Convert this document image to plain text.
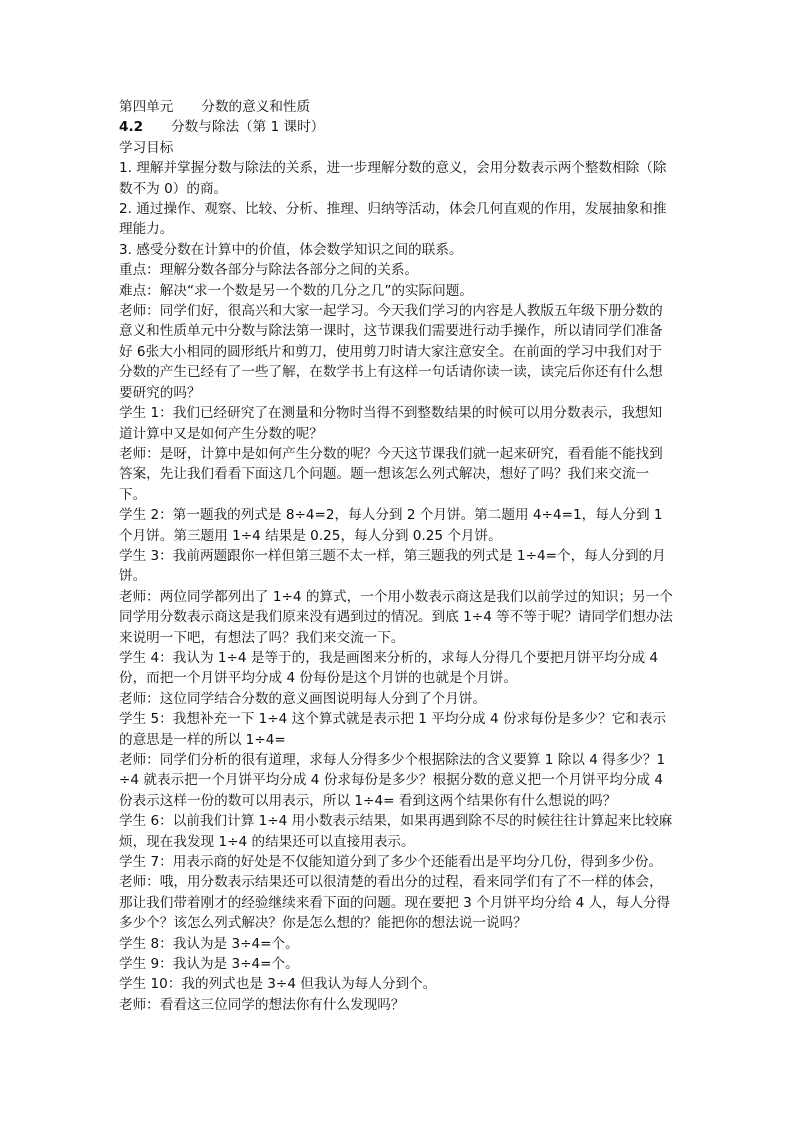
第四单元 分数的意义和性质

4.2 分数与除法（第 1 课时）

学习目标

1. 理解并掌握分数与除法的关系，进一步理解分数的意义，会用分数表示两个整数相除（除数不为 0）的商。

2. 通过操作、观察、比较、分析、推理、归纳等活动，体会几何直观的作用，发展抽象和推理能力。

3. 感受分数在计算中的价值，体会数学知识之间的联系。

重点：理解分数各部分与除法各部分之间的关系。

难点：解决“求一个数是另一个数的几分之几”的实际问题。

老师：同学们好，很高兴和大家一起学习。今天我们学习的内容是人教版五年级下册分数的意义和性质单元中分数与除法第一课时，这节课我们需要进行动手操作，所以请同学们准备好 6张大小相同的圆形纸片和剪刀，使用剪刀时请大家注意安全。在前面的学习中我们对于分数的产生已经有了一些了解，在数学书上有这样一句话请你读一读，读完后你还有什么想要研究的吗？

学生 1：我们已经研究了在测量和分物时当得不到整数结果的时候可以用分数表示，我想知道计算中又是如何产生分数的呢？

老师：是呀，计算中是如何产生分数的呢？今天这节课我们就一起来研究，看看能不能找到答案，先让我们看看下面这几个问题。题一想该怎么列式解决，想好了吗？我们来交流一下。

学生 2：第一题我的列式是 8÷4=2，每人分到 2 个月饼。第二题用 4÷4=1，每人分到 1 个月饼。第三题用 1÷4 结果是 0.25，每人分到 0.25 个月饼。

学生 3：我前两题跟你一样但第三题不太一样，第三题我的列式是 1÷4=个，每人分到的月饼。

老师：两位同学都列出了 1÷4 的算式，一个用小数表示商这是我们以前学过的知识；另一个同学用分数表示商这是我们原来没有遇到过的情况。到底 1÷4 等不等于呢？请同学们想办法来说明一下吧，有想法了吗？我们来交流一下。

学生 4：我认为 1÷4 是等于的，我是画图来分析的，求每人分得几个要把月饼平均分成 4 份，而把一个月饼平均分成 4 份每份是这个月饼的也就是个月饼。

老师：这位同学结合分数的意义画图说明每人分到了个月饼。

学生 5：我想补充一下 1÷4 这个算式就是表示把 1 平均分成 4 份求每份是多少？它和表示的意思是一样的所以 1÷4=

老师：同学们分析的很有道理，求每人分得多少个根据除法的含义要算 1 除以 4 得多少？1÷4 就表示把一个月饼平均分成 4 份求每份是多少？根据分数的意义把一个月饼平均分成 4 份表示这样一份的数可以用表示，所以 1÷4= 看到这两个结果你有什么想说的吗？

学生 6：以前我们计算 1÷4 用小数表示结果，如果再遇到除不尽的时候往往计算起来比较麻烦，现在我发现 1÷4 的结果还可以直接用表示。

学生 7：用表示商的好处是不仅能知道分到了多少个还能看出是平均分几份，得到多少份。

老师：哦，用分数表示结果还可以很清楚的看出分的过程，看来同学们有了不一样的体会，那让我们带着刚才的经验继续来看下面的问题。现在要把 3 个月饼平均分给 4 人，每人分得多少个？该怎么列式解决？你是怎么想的？能把你的想法说一说吗？

学生 8：我认为是 3÷4=个。

学生 9：我认为是 3÷4=个。

学生 10：我的列式也是 3÷4 但我认为每人分到个。

老师：看看这三位同学的想法你有什么发现吗？
